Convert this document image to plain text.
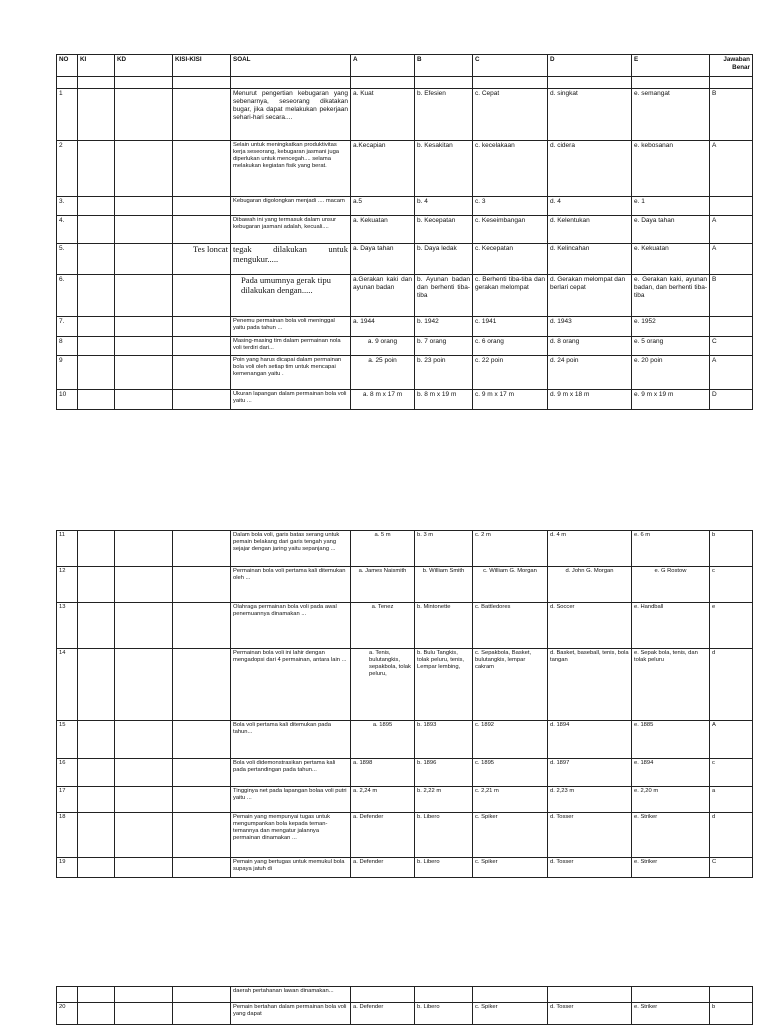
NO	KI	KD	KISI-KISI	SOAL	A	B	C	D	E	Jawaban Benar

1				Menurut pengertian kebugaran yang sebenarnya, seseorang dikatakan bugar, jika dapat melakukan pekerjaan sehari-hari secara....	a. Kuat	b. Efesien	c. Cepat	d. singkat	e. semangat	B
2				Selain untuk meningkatkan produktivitas kerja seseorang, kebugaran jasmani juga diperlukan untuk mencegah.... selama melakukan kegiatan fisik yang berat.	a.Kecapian	b. Kesakitan	c. kecelakaan	d. cidera	e. kebosanan	A
3.				Kebugaran digolongkan menjadi .... macam	a.5	b. 4	c. 3	d. 4	e. 1	
4.				Dibawah ini yang termasuk dalam unsur kebugaran jasmani adalah, kecuali....	a. Kekuatan	b. Kecepatan	c. Keseimbangan	d. Kelentukan	e. Daya tahan	A
5.			Tes loncat	tegak dilakukan untuk mengukur.....	a. Daya tahan	b. Daya ledak	c. Kecepatan	d. Kelincahan	e. Kekuatan	A
6.				Pada umumnya gerak tipu dilakukan dengan.....	a.Gerakan kaki dan ayunan badan	b. Ayunan badan dan berhenti tiba-tiba	c. Berhenti tiba-tiba dan gerakan melompat	d. Gerakan melompat dan berlari cepat	e. Gerakan kaki, ayunan badan, dan berhenti tiba-tiba	B
7.				Penemu permainan bola voli meninggal yaitu pada tahun ...	a. 1944	b. 1942	c. 1941	d. 1943	e. 1952	
8				Masing-masing tim dalam permainan nola voli terdiri dari...	a. 9 orang	b. 7 orang	c. 6 orang	d. 8 orang	e. 5 orang	C
9				Poin yang harus dicapai dalam permainan bola voli oleh setiap tim untuk mencapai kemenangan yaitu .	a. 25 poin	b. 23 poin	c. 22 poin	d. 24 poin	e. 20 poin	A
10				Ukuran lapangan dalam permainan bola voli yaitu ...	a. 8 m x 17 m	b. 8 m x 19 m	c. 9 m x 17 m	d. 9 m x 18 m	e. 9 m x 19 m	D
11				Dalam bola voli, garis batas serang untuk pemain belakang dari garis tengah yang sejajar dengan jaring yaitu sepanjang ...	a. 5 m	b. 3 m	c. 2 m	d. 4 m	e. 6 m	b
12				Permainan bola voli pertama kali ditemukan oleh ...	a. James Naismith	b. William Smith	c. William G. Morgan	d. John G. Morgan	e. G Rostow	c
13				Olahraga permainan bola voli pada awal penemuannya dinamakan ...	a. Tenez	b. Mintonette	c. Battledores	d. Soccer	e. Handball	e
14				Permainan bola voli ini lahir dengan mengadopsi dari 4 permainan, antara lain ...	a. Tenis, bulutangkis, sepakbola, tolak peluru,	b. Bulu Tangkis, tolak peluru, tenis, Lempar lembing,	c. Sepakbola, Basket, bulutangkis, lempar cakram	d. Basket, baseball, tenis, bola tangan	e. Sepak bola, tenis, dan tolak peluru	d
15				Bola voli pertama kali ditemukan pada tahun...	a. 1895	b. 1893	c. 1892	d. 1894	e. 1885	A
16				Bola voli didemonstrasikan pertama kali pada pertandingan pada tahun...	a. 1898	b. 1896	c. 1895	d. 1897	e. 1894	c
17				Tingginya net pada lapangan bolaa voli putri yaitu ...	a. 2,24 m	b. 2,22 m	c. 2,21 m	d. 2,23 m	e. 2,20 m	a
18				Pemain yang mempunyai tugas untuk mengumpankan bola kepada teman-temannya dan mengatur jalannya permainan dinamakan ...	a. Defender	b. Libero	c. Spiker	d. Tosser	e. Striker	d
19				Pemain yang bertugas untuk memukul bola supaya jatuh di	a. Defender	b. Libero	c. Spiker	d. Tosser	e. Striker	C
				daerah pertahanan lawan dinamakan...						
20				Pemain bertahan dalam permainan bola voli yang dapat	a. Defender	b. Libero	c. Spiker	d. Tosser	e. Striker	b
